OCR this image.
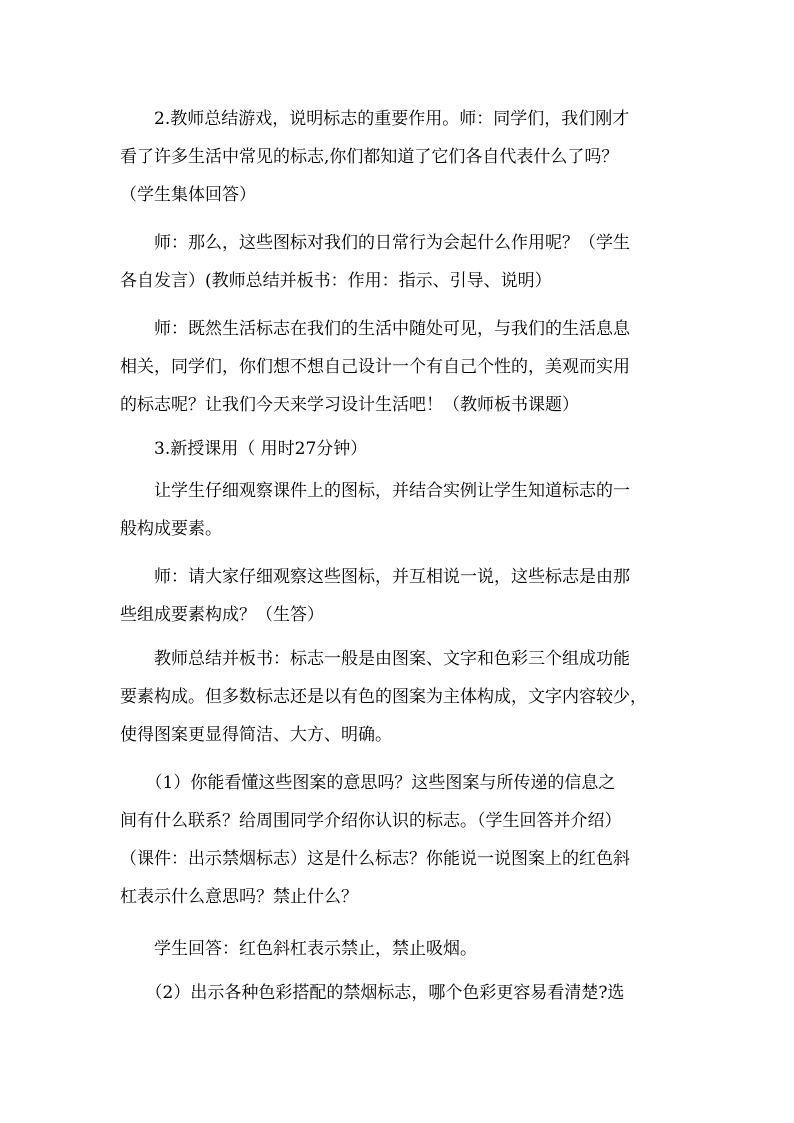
　　2.教师总结游戏，说明标志的重要作用。师：同学们，我们刚才
看了许多生活中常见的标志,你们都知道了它们各自代表什么了吗？
（学生集体回答）
　　师：那么，这些图标对我们的日常行为会起什么作用呢？（学生
各自发言）(教师总结并板书：作用：指示、引导、说明）
　　师：既然生活标志在我们的生活中随处可见，与我们的生活息息
相关，同学们，你们想不想自己设计一个有自己个性的，美观而实用
的标志呢？让我们今天来学习设计生活吧！（教师板书课题）
　　3.新授课用（ 用时27分钟）
　　让学生仔细观察课件上的图标，并结合实例让学生知道标志的一
般构成要素。
　　师：请大家仔细观察这些图标，并互相说一说，这些标志是由那
些组成要素构成？（生答）
　　教师总结并板书：标志一般是由图案、文字和色彩三个组成功能
要素构成。但多数标志还是以有色的图案为主体构成，文字内容较少，
使得图案更显得简洁、大方、明确。
　　（1）你能看懂这些图案的意思吗？这些图案与所传递的信息之
间有什么联系？给周围同学介绍你认识的标志。（学生回答并介绍）
（课件：出示禁烟标志）这是什么标志？你能说一说图案上的红色斜
杠表示什么意思吗？禁止什么？
　　学生回答：红色斜杠表示禁止，禁止吸烟。
　　（2）出示各种色彩搭配的禁烟标志，哪个色彩更容易看清楚?选
